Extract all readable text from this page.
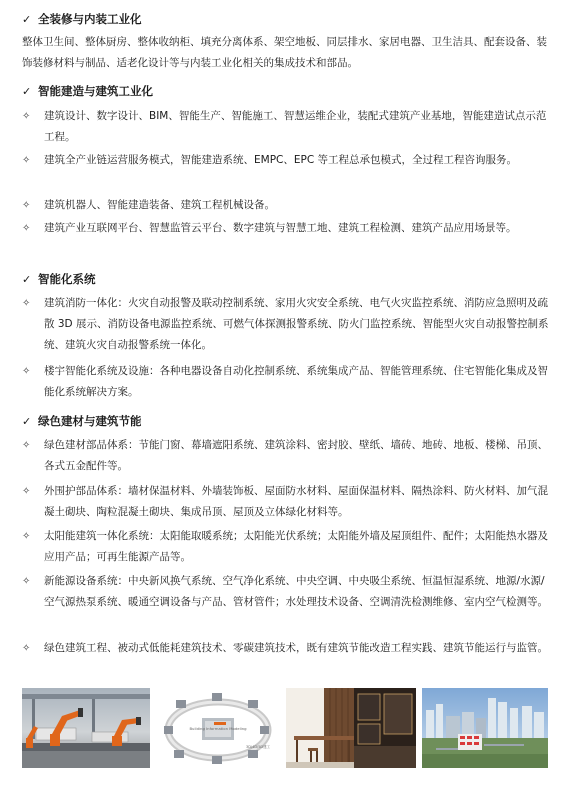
✓ 全装修与内装工业化
整体卫生间、整体厨房、整体收纳柜、填充分离体系、架空地板、同层排水、家居电器、卫生洁具、配套设备、装饰装修材料与制品、适老化设计等与内装工业化相关的集成技术和部品。
✓ 智能建造与建筑工业化
✧	建筑设计、数字设计、BIM、智能生产、智能施工、智慧运维企业，装配式建筑产业基地，智能建造试点示范工程。
✧	建筑全产业链运营服务模式，智能建造系统、EMPC、EPC 等工程总承包模式，全过程工程咨询服务。
✧	建筑机器人、智能建造装备、建筑工程机械设备。
✧	建筑产业互联网平台、智慧监管云平台、数字建筑与智慧工地、建筑工程检测、建筑产品应用场景等。
✓ 智能化系统
✧	建筑消防一体化：火灾自动报警及联动控制系统、家用火灾安全系统、电气火灾监控系统、消防应急照明及疏散 3D 展示、消防设备电源监控系统、可燃气体探测报警系统、防火门监控系统、智能型火灾自动报警控制系统、建筑火灾自动报警系统一体化。
✧	楼宇智能化系统及设施：各种电器设备自动化控制系统、系统集成产品、智能管理系统、住宅智能化集成及智能化系统解决方案。
✓ 绿色建材与建筑节能
✧	绿色建材部品体系：节能门窗、幕墙遮阳系统、建筑涂料、密封胶、壁纸、墙砖、地砖、地板、楼梯、吊顶、各式五金配件等。
✧	外围护部品体系：墙材保温材料、外墙装饰板、屋面防水材料、屋面保温材料、隔热涂料、防火材料、加气混凝土砌块、陶粒混凝土砌块、集成吊顶、屋顶及立体绿化材料等。
✧	太阳能建筑一体化系统：太阳能取暖系统；太阳能光伏系统；太阳能外墙及屋顶组件、配件；太阳能热水器及应用产品；可再生能源产品等。
✧	新能源设备系统：中央新风换气系统、空气净化系统、中央空调、中央吸尘系统、恒温恒湿系统、地源/水源/空气源热泵系统、暖通空调设备与产品、管材管件；水处理技术设备、空调清洗检测维修、室内空气检测等。
✧	绿色建筑工程、被动式低能耗建筑技术、零碳建筑技术，既有建筑节能改造工程实践、建筑节能运行与监管。
Building Information Modeling
3D/4D/5D建工
